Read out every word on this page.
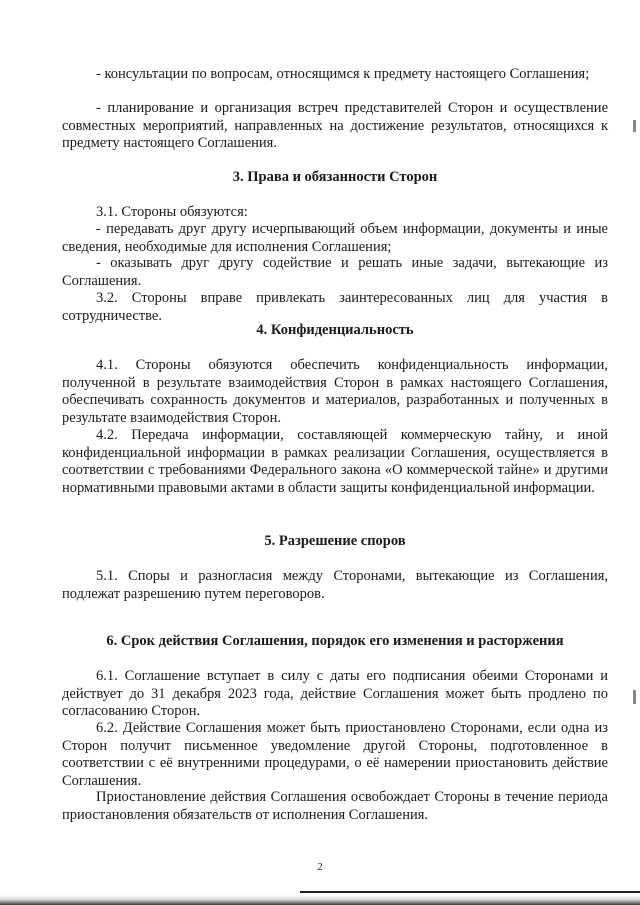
- консультации по вопросам, относящимся к предмету настоящего Соглашения;

- планирование и организация встреч представителей Сторон и осуществление совместных мероприятий, направленных на достижение результатов, относящихся к предмету настоящего Соглашения.

3. Права и обязанности Сторон

3.1. Стороны обязуются:

- передавать друг другу исчерпывающий объем информации, документы и иные сведения, необходимые для исполнения Соглашения;

- оказывать друг другу содействие и решать иные задачи, вытекающие из Соглашения.

3.2. Стороны вправе привлекать заинтересованных лиц для участия в сотрудничестве.

4. Конфиденциальность

4.1. Стороны обязуются обеспечить конфиденциальность информации, полученной в результате взаимодействия Сторон в рамках настоящего Соглашения, обеспечивать сохранность документов и материалов, разработанных и полученных в результате взаимодействия Сторон.

4.2. Передача информации, составляющей коммерческую тайну, и иной конфиденциальной информации в рамках реализации Соглашения, осуществляется в соответствии с требованиями Федерального закона «О коммерческой тайне» и другими нормативными правовыми актами в области защиты конфиденциальной информации.

5. Разрешение споров

5.1. Споры и разногласия между Сторонами, вытекающие из Соглашения, подлежат разрешению путем переговоров.

6. Срок действия Соглашения, порядок его изменения и расторжения

6.1. Соглашение вступает в силу с даты его подписания обеими Сторонами и действует до 31 декабря 2023 года, действие Соглашения может быть продлено по согласованию Сторон.

6.2. Действие Соглашения может быть приостановлено Сторонами, если одна из Сторон получит письменное уведомление другой Стороны, подготовленное в соответствии с её внутренними процедурами, о её намерении приостановить действие Соглашения.

Приостановление действия Соглашения освобождает Стороны в течение периода приостановления обязательств от исполнения Соглашения.

2
